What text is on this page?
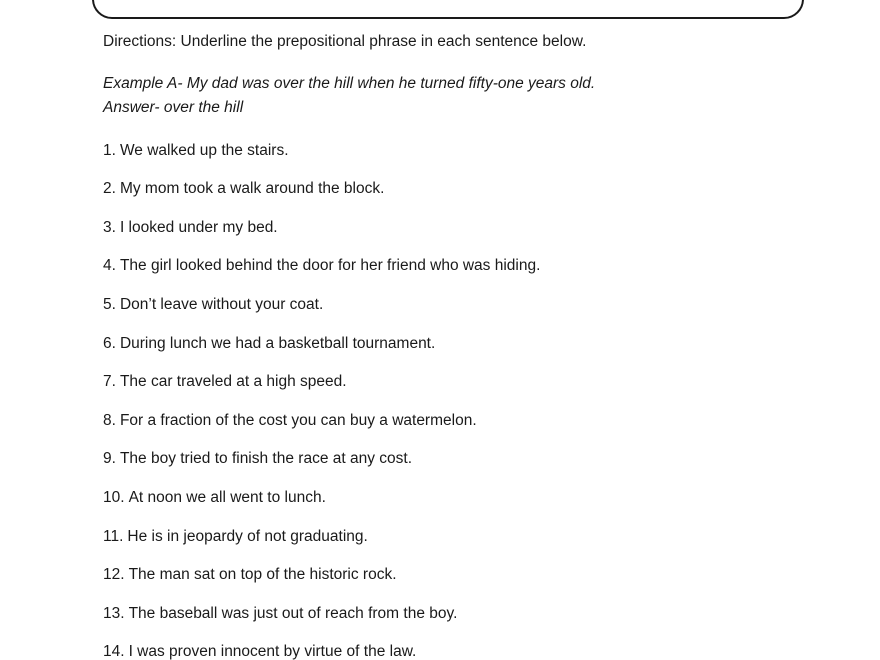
Directions: Underline the prepositional phrase in each sentence below.
Example A- My dad was over the hill when he turned fifty-one years old.
Answer- over the hill
1. We walked up the stairs.
2. My mom took a walk around the block.
3. I looked under my bed.
4. The girl looked behind the door for her friend who was hiding.
5. Don’t leave without your coat.
6. During lunch we had a basketball tournament.
7. The car traveled at a high speed.
8. For a fraction of the cost you can buy a watermelon.
9. The boy tried to finish the race at any cost.
10. At noon we all went to lunch.
11. He is in jeopardy of not graduating.
12. The man sat on top of the historic rock.
13. The baseball was just out of reach from the boy.
14. I was proven innocent by virtue of the law.
